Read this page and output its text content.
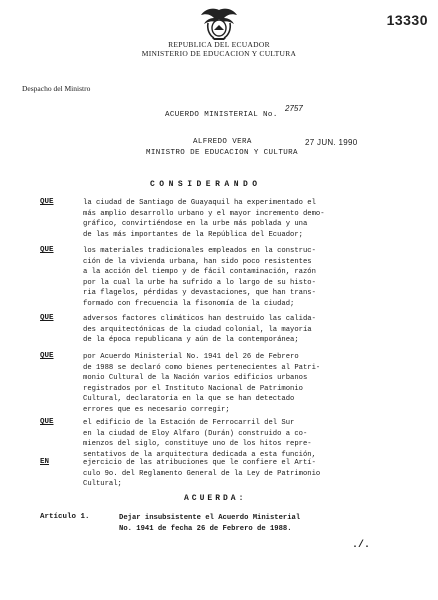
13330
REPUBLICA DEL ECUADOR
MINISTERIO DE EDUCACION Y CULTURA
Despacho del Ministro
ACUERDO MINISTERIAL No.
2757
ALFREDO VERA	27 JUN. 1990
MINISTRO DE EDUCACION Y CULTURA
CONSIDERANDO
QUE	la ciudad de Santiago de Guayaquil ha experimentado el
más amplio desarrollo urbano y el mayor incremento demo-
gráfico, convirtiéndose en la urbe más poblada y una
de las más importantes de la República del Ecuador;
QUE	los materiales tradicionales empleados en la construc-
ción de la vivienda urbana, han sido poco resistentes
a la acción del tiempo y de fácil contaminación, razón
por la cual la urbe ha sufrido a lo largo de su histo-
ria flagelos, pérdidas y devastaciones, que han trans-
formado con frecuencia la fisonomía de la ciudad;
QUE	adversos factores climáticos han destruido las calida-
des arquitectónicas de la ciudad colonial, la mayoría
de la época republicana y aún de la contemporánea;
QUE	por Acuerdo Ministerial No. 1941 del 26 de Febrero
de 1988 se declaró como bienes pertenecientes al Patri-
monio Cultural de la Nación varios edificios urbanos
registrados por el Instituto Nacional de Patrimonio
Cultural, declaratoria en la que se han detectado
errores que es necesario corregir;
QUE	el edificio de la Estación de Ferrocarril del Sur
en la ciudad de Eloy Alfaro (Durán) construido a co-
mienzos del siglo, constituye uno de los hitos repre-
sentativos de la arquitectura dedicada a esta función,
EN	ejercicio de las atribuciones que le confiere el Artí-
culo 9o. del Reglamento General de la Ley de Patrimonio
Cultural;
ACUERDA:
Artículo 1.	Dejar insubsistente el Acuerdo Ministerial
No. 1941 de fecha 26 de Febrero de 1988.
./.
